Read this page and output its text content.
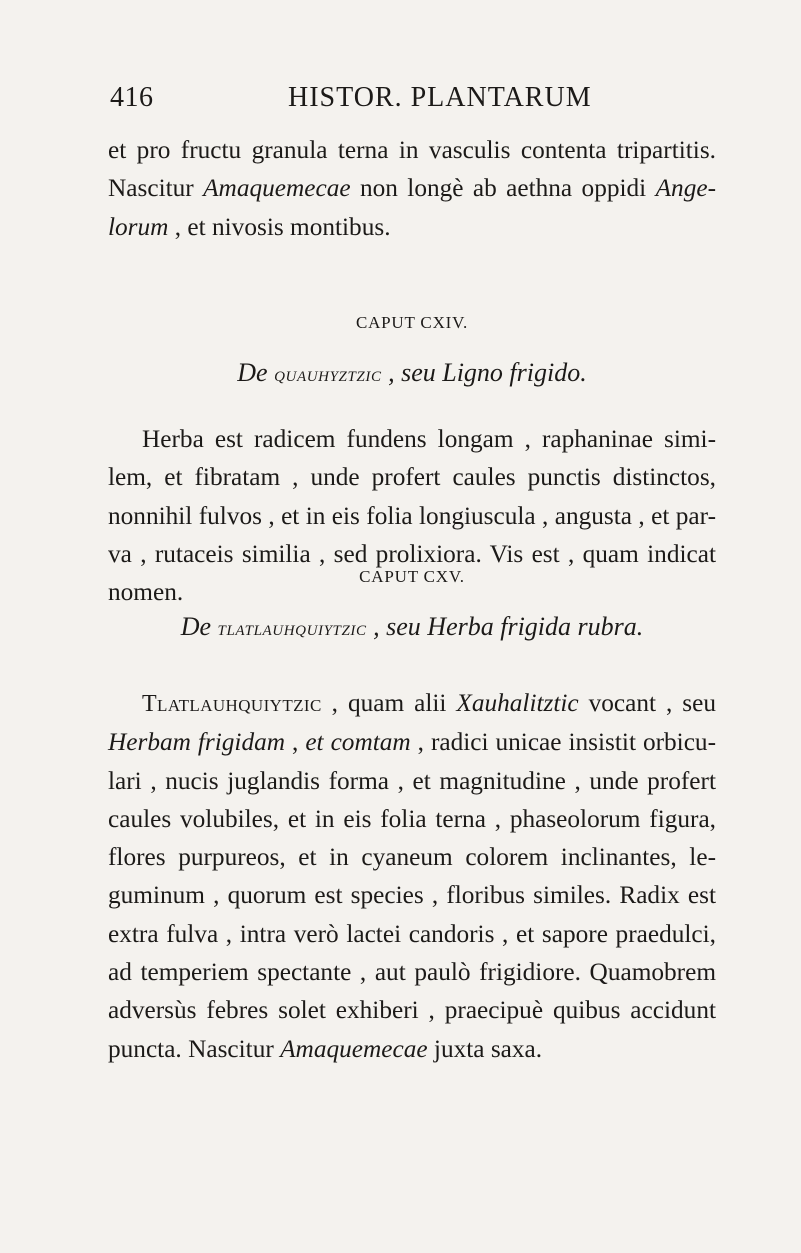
416	HISTOR. PLANTARUM
et pro fructu granula terna in vasculis contenta tripartitis.
Nascitur Amaquemecae non longè ab aethna oppidi Ange-
lorum , et nivosis montibus.
CAPUT CXIV.
De quauhyztzic , seu Ligno frigido.
Herba est radicem fundens longam , raphaninae simi-
lem, et fibratam , unde profert caules punctis distinctos,
nonnihil fulvos , et in eis folia longiuscula , angusta , et par-
va , rutaceis similia , sed prolixiora. Vis est , quam indicat
nomen.
CAPUT CXV.
De tlatlauhquiytzic , seu Herba frigida rubra.
Tlatlauhquiytzic , quam alii Xauhalitztic vocant , seu
Herbam frigidam , et comtam , radici unicae insistit orbicu-
lari , nucis juglandis forma , et magnitudine , unde profert
caules volubiles, et in eis folia terna , phaseolorum figura,
flores purpureos, et in cyaneum colorem inclinantes, le-
guminum , quorum est species , floribus similes. Radix est
extra fulva , intra verò lactei candoris , et sapore praedulci,
ad temperiem spectante , aut paulò frigidiore. Quamobrem
adversùs febres solet exhiberi , praecipuè quibus accidunt
puncta. Nascitur Amaquemecae juxta saxa.
